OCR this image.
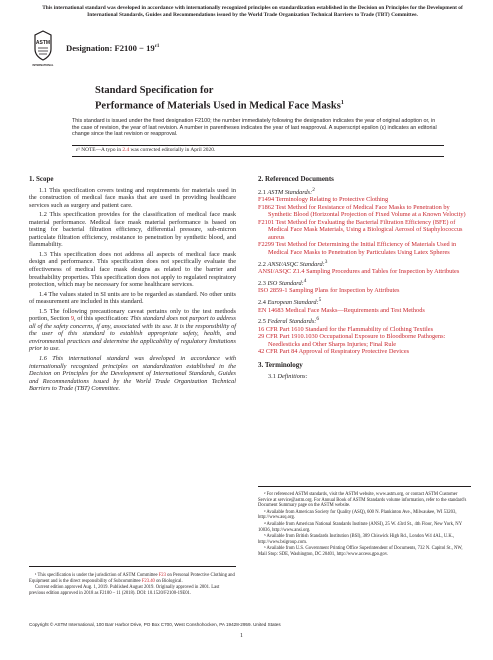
This international standard was developed in accordance with internationally recognized principles on standardization established in the Decision on Principles for the Development of International Standards, Guides and Recommendations issued by the World Trade Organization Technical Barriers to Trade (TBT) Committee.
ASTM
INTERNATIONAL
Designation: $F2100 - 19^{\varepsilon 1}$
Standard Specification for
Performance of Materials Used in Medical Face Masks$^1$
This standard is issued under the fixed designation F2100; the number immediately following the designation indicates the year of original adoption or, in the case of revision, the year of last revision. A number in parentheses indicates the year of last reapproval. A superscript epsilon (ε) indicates an editorial change since the last revision or reapproval.
ε¹ NOTE—A typo in 2.4 was corrected editorially in April 2020.
1. Scope

1.1 This specification covers testing and requirements for materials used in the construction of medical face masks that are used in providing healthcare services such as surgery and patient care.

1.2 This specification provides for the classification of medical face mask material performance. Medical face mask material performance is based on testing for bacterial filtration efficiency, differential pressure, sub-micron particulate filtration efficiency, resistance to penetration by synthetic blood, and flammability.

1.3 This specification does not address all aspects of medical face mask design and performance. This specification does not specifically evaluate the effectiveness of medical face mask designs as related to the barrier and breathability properties. This specification does not apply to regulated respiratory protection, which may be necessary for some healthcare services.

1.4 The values stated in SI units are to be regarded as standard. No other units of measurement are included in this standard.

1.5 The following precautionary caveat pertains only to the test methods portion, Section 9, of this specification: This standard does not purport to address all of the safety concerns, if any, associated with its use. It is the responsibility of the user of this standard to establish appropriate safety, health, and environmental practices and determine the applicability of regulatory limitations prior to use.

1.6 This international standard was developed in accordance with internationally recognized principles on standardization established in the Decision on Principles for the Development of International Standards, Guides and Recommendations issued by the World Trade Organization Technical Barriers to Trade (TBT) Committee.

¹ This specification is under the jurisdiction of ASTM Committee F23 on Personal Protective Clothing and Equipment and is the direct responsibility of Subcommittee F23.40 on Biological.

Current edition approved Aug. 1, 2019. Published August 2019. Originally approved in 2001. Last previous edition approved in 2018 as F2100 – 11 (2018). DOI: 10.1520/F2100-19E01.

2. Referenced Documents

2.1 ASTM Standards:$^2$

F1494 Terminology Relating to Protective Clothing

F1862 Test Method for Resistance of Medical Face Masks to Penetration by Synthetic Blood (Horizontal Projection of Fixed Volume at a Known Velocity)

F2101 Test Method for Evaluating the Bacterial Filtration Efficiency (BFE) of Medical Face Mask Materials, Using a Biological Aerosol of Staphylococcus aureus

F2299 Test Method for Determining the Initial Efficiency of Materials Used in Medical Face Masks to Penetration by Particulates Using Latex Spheres

2.2 ANSI/ASQC Standard:$^3$

ANSI/ASQC Z1.4 Sampling Procedures and Tables for Inspection by Attributes

2.3 ISO Standard:$^4$

ISO 2859-1 Sampling Plans for Inspection by Attributes

2.4 European Standard:$^5$

EN 14683 Medical Face Masks—Requirements and Test Methods

2.5 Federal Standards:$^6$

16 CFR Part 1610 Standard for the Flammability of Clothing Textiles

29 CFR Part 1910.1030 Occupational Exposure to Bloodborne Pathogens: Needlesticks and Other Sharps Injuries; Final Rule

42 CFR Part 84 Approval of Respiratory Protective Devices

3. Terminology

3.1 Definitions:

² For referenced ASTM standards, visit the ASTM website, www.astm.org, or contact ASTM Customer Service at service@astm.org. For Annual Book of ASTM Standards volume information, refer to the standard's Document Summary page on the ASTM website.

³ Available from American Society for Quality (ASQ), 600 N. Plankinton Ave., Milwaukee, WI 53203, http://www.asq.org.

⁴ Available from American National Standards Institute (ANSI), 25 W. 43rd St., 4th Floor, New York, NY 10036, http://www.ansi.org.

⁵ Available from British Standards Institution (BSI), 389 Chiswick High Rd., London W4 4AL, U.K., http://www.bsigroup.com.

⁶ Available from U.S. Government Printing Office Superintendent of Documents, 732 N. Capitol St., NW, Mail Stop: SDE, Washington, DC 20401, http://www.access.gpo.gov.

Copyright © ASTM International, 100 Barr Harbor Drive, PO Box C700, West Conshohocken, PA 19428-2959. United States
1
